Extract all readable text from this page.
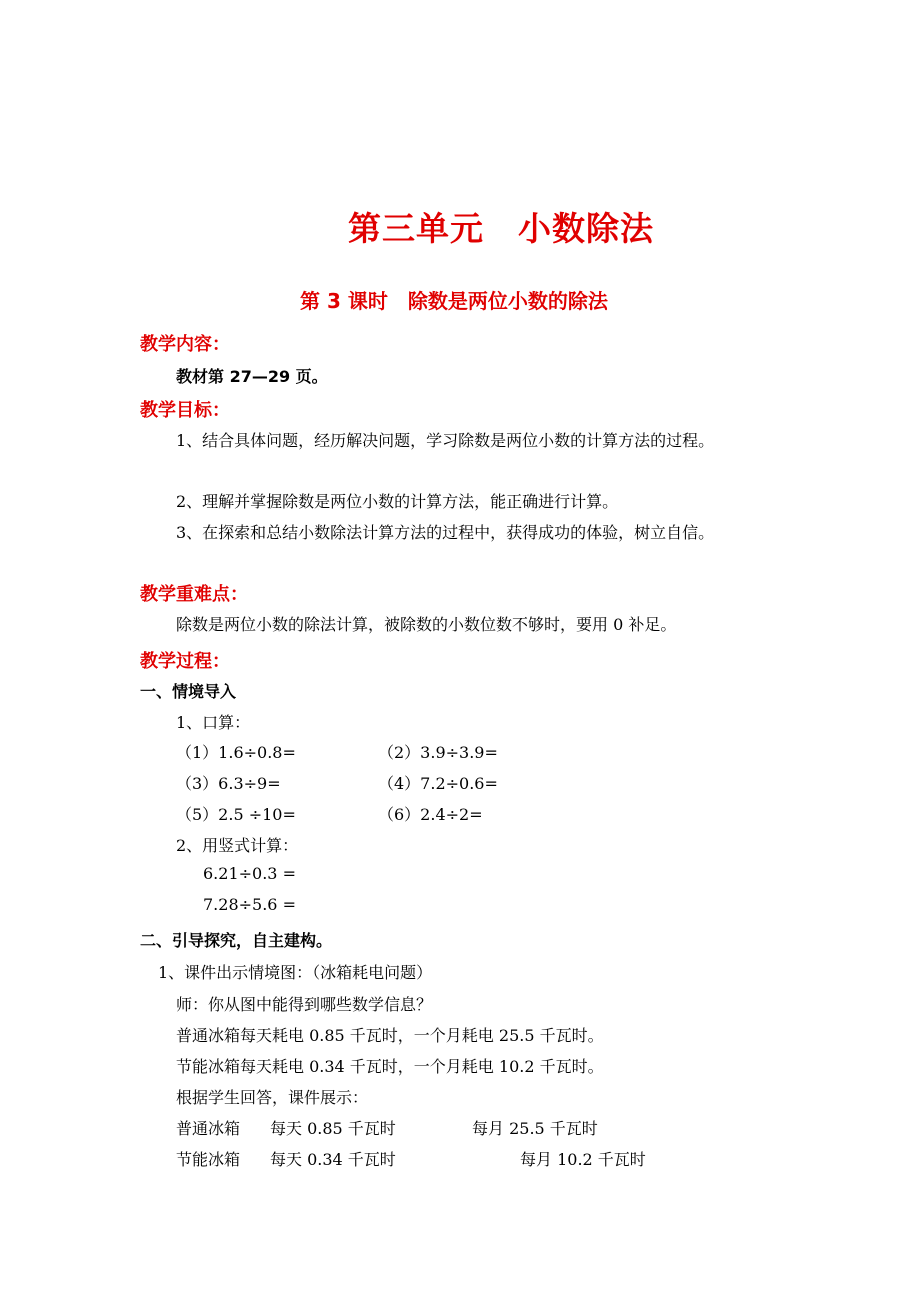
第三单元　小数除法
第 3 课时　除数是两位小数的除法
教学内容：
教材第 27—29 页。
教学目标：
1、结合具体问题，经历解决问题，学习除数是两位小数的计算方法的过程。
2、理解并掌握除数是两位小数的计算方法，能正确进行计算。
3、在探索和总结小数除法计算方法的过程中，获得成功的体验，树立自信。
教学重难点：
除数是两位小数的除法计算，被除数的小数位数不够时，要用 0 补足。
教学过程：
一、情境导入
1、口算：
（1）1.6÷0.8=	（2）3.9÷3.9=
（3）6.3÷9=	（4）7.2÷0.6=
（5）2.5 ÷10=	（6）2.4÷2=
2、用竖式计算：
6.21÷0.3 =
7.28÷5.6 =
二、引导探究，自主建构。
1、课件出示情境图：（冰箱耗电问题）
师：你从图中能得到哪些数学信息？
普通冰箱每天耗电 0.85 千瓦时，一个月耗电 25.5 千瓦时。
节能冰箱每天耗电 0.34 千瓦时，一个月耗电 10.2 千瓦时。
根据学生回答，课件展示：
普通冰箱 每天 0.85 千瓦时	每月 25.5 千瓦时
节能冰箱 每天 0.34 千瓦时	每月 10.2 千瓦时
